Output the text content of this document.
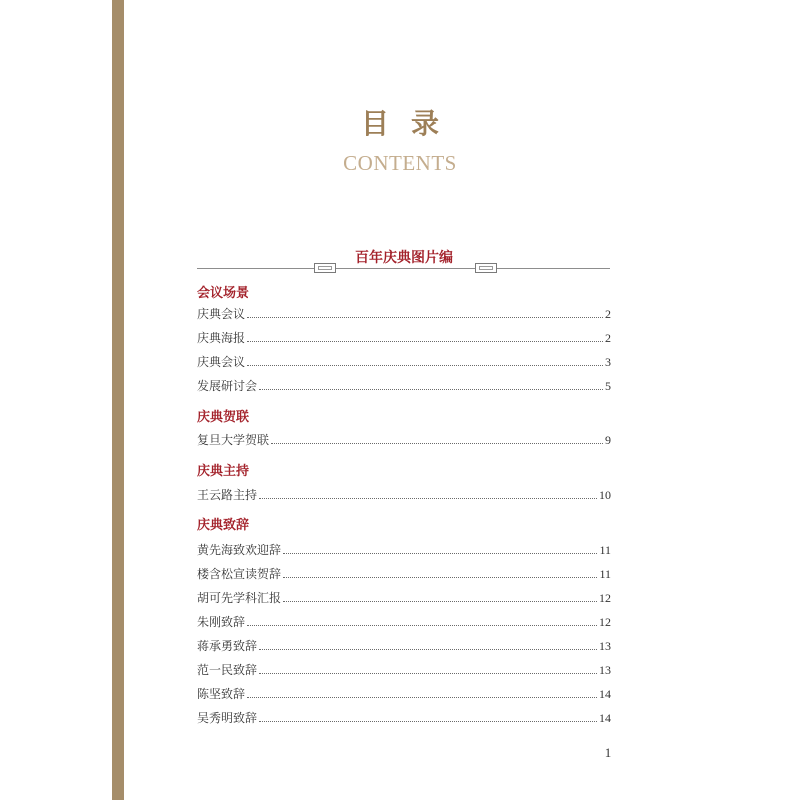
目录
CONTENTS
百年庆典图片编
会议场景
庆典会议	2
庆典海报	2
庆典会议	3
发展研讨会	5
庆典贺联
复旦大学贺联	9
庆典主持
王云路主持	10
庆典致辞
黄先海致欢迎辞	11
楼含松宣读贺辞	11
胡可先学科汇报	12
朱刚致辞	12
蒋承勇致辞	13
范一民致辞	13
陈坚致辞	14
吴秀明致辞	14
1
